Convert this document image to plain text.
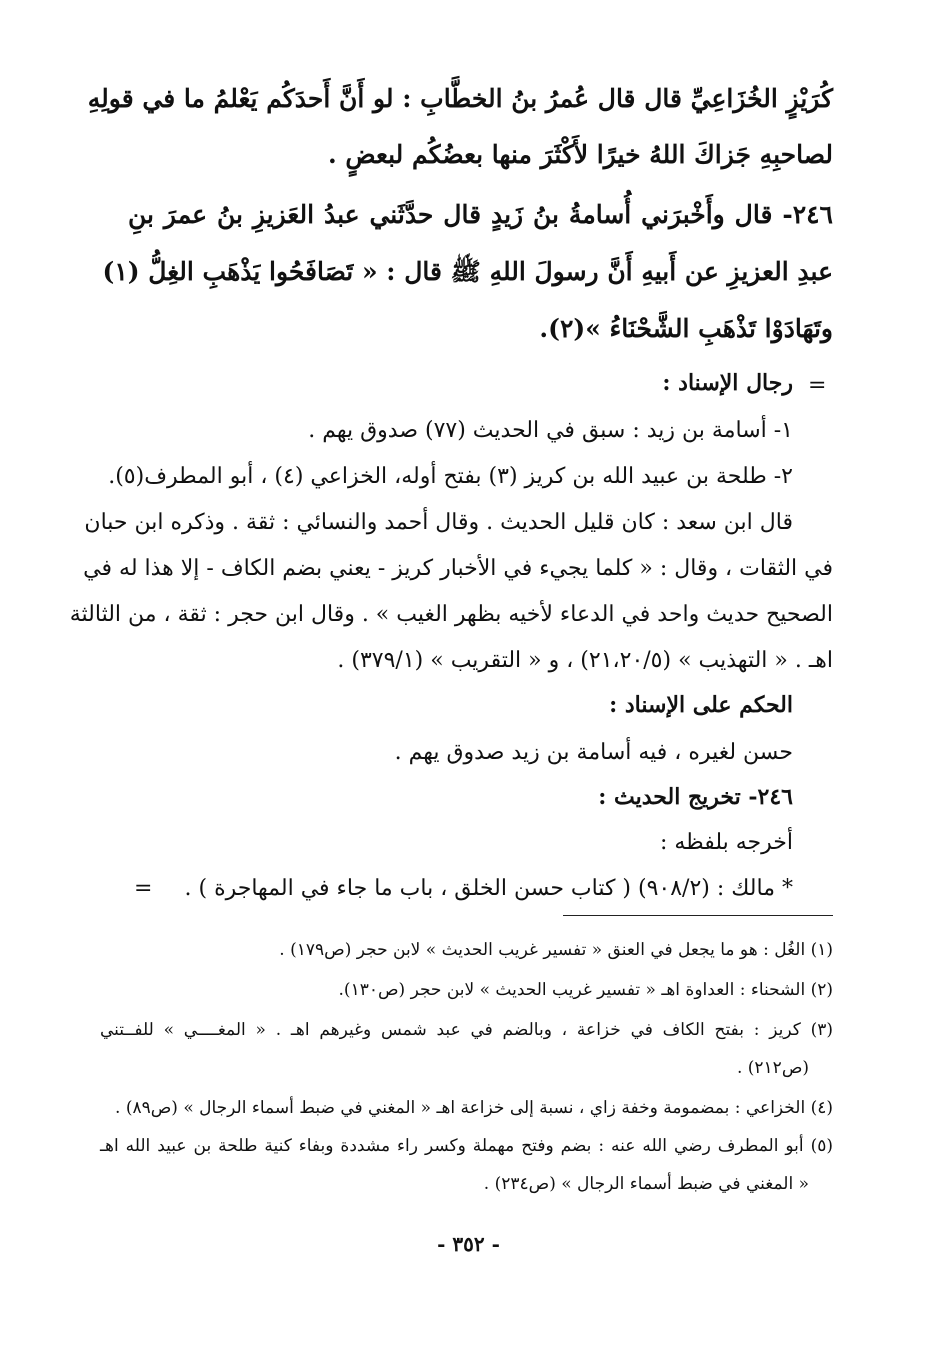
كُرَيْزٍ الخُزَاعِيِّ قال قال عُمرُ بنُ الخطَّابِ : لو أَنَّ أَحدَكُم يَعْلمُ ما في قولِهِ
لصاحبِهِ جَزاكَ اللهُ خيرًا لأَكْثَرَ منها بعضُكُم لبعضٍ .
٢٤٦- قال وأَخْبرَني أُسامةُ بنُ زَيدٍ قال حدَّثَني عبدُ العَزيزِ بنُ عمرَ بنِ
عبدِ العزيزِ عن أَبيهِ أَنَّ رسولَ اللهِ ﷺ قال : « تَصَافَحُوا يَذْهَبِ الغِلُّ (١)
وتَهَادَوْا تَذْهَبِ الشَّحْنَاءُ »(٢).
رجال الإسناد :
١- أسامة بن زيد : سبق في الحديث (٧٧) صدوق يهم .
٢- طلحة بن عبيد الله بن كريز (٣) بفتح أوله، الخزاعي (٤) ، أبو المطرف(٥).
قال ابن سعد : كان قليل الحديث . وقال أحمد والنسائي : ثقة . وذكره ابن حبان
في الثقات ، وقال : « كلما يجيء في الأخبار كريز - يعني بضم الكاف - إلا هذا له في
الصحيح حديث واحد في الدعاء لأخيه بظهر الغيب » . وقال ابن حجر : ثقة ، من الثالثة
اهـ . « التهذيب » (٢١،٢٠/٥) ، و « التقريب » (٣٧٩/١) .
الحكم على الإسناد :
حسن لغيره ، فيه أسامة بن زيد صدوق يهم .
٢٤٦- تخريج الحديث :
أخرجه بلفظه :
* مالك : (٩٠٨/٢) ( كتاب حسن الخلق ، باب ما جاء في المهاجرة ) .
=
=
(١) الغُل : هو ما يجعل في العنق « تفسير غريب الحديث » لابن حجر (ص١٧٩) .
(٢) الشحناء : العداوة اهـ « تفسير غريب الحديث » لابن حجر (ص١٣٠).
(٣) كريز : بفتح الكاف في خزاعة ، وبالضم في عبد شمس وغيرهم اهـ . « المغــــي » للفــتني
(ص٢١٢) .
(٤) الخزاعي : بمضمومة وخفة زاي ، نسبة إلى خزاعة اهـ « المغني في ضبط أسماء الرجال » (ص٨٩) .
(٥) أبو المطرف رضي الله عنه : بضم وفتح مهملة وكسر راء مشددة وبفاء كنية طلحة بن عبيد الله اهـ
« المغني في ضبط أسماء الرجال » (ص٢٣٤) .
- ٣٥٢ -
